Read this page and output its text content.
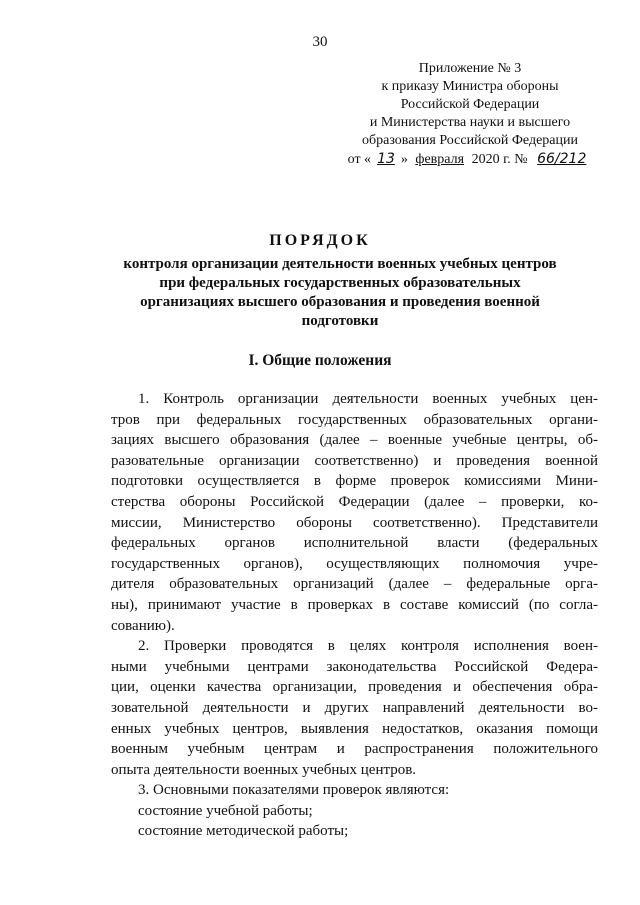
30
Приложение № 3
к приказу Министра обороны
Российской Федерации
и Министерства науки и высшего
образования Российской Федерации
от « 13 » февраля 2020 г. № 66/212
ПОРЯДОК
контроля организации деятельности военных учебных центров
при федеральных государственных образовательных
организациях высшего образования и проведения военной
подготовки
I. Общие положения
1. Контроль организации деятельности военных учебных цен-
тров при федеральных государственных образовательных органи-
зациях высшего образования (далее – военные учебные центры, об-
разовательные организации соответственно) и проведения военной
подготовки осуществляется в форме проверок комиссиями Мини-
стерства обороны Российской Федерации (далее – проверки, ко-
миссии, Министерство обороны соответственно). Представители
федеральных органов исполнительной власти (федеральных
государственных органов), осуществляющих полномочия учре-
дителя образовательных организаций (далее – федеральные орга-
ны), принимают участие в проверках в составе комиссий (по согла-
сованию).
2. Проверки проводятся в целях контроля исполнения воен-
ными учебными центрами законодательства Российской Федера-
ции, оценки качества организации, проведения и обеспечения обра-
зовательной деятельности и других направлений деятельности во-
енных учебных центров, выявления недостатков, оказания помощи
военным учебным центрам и распространения положительного
опыта деятельности военных учебных центров.
3. Основными показателями проверок являются:
состояние учебной работы;
состояние методической работы;
